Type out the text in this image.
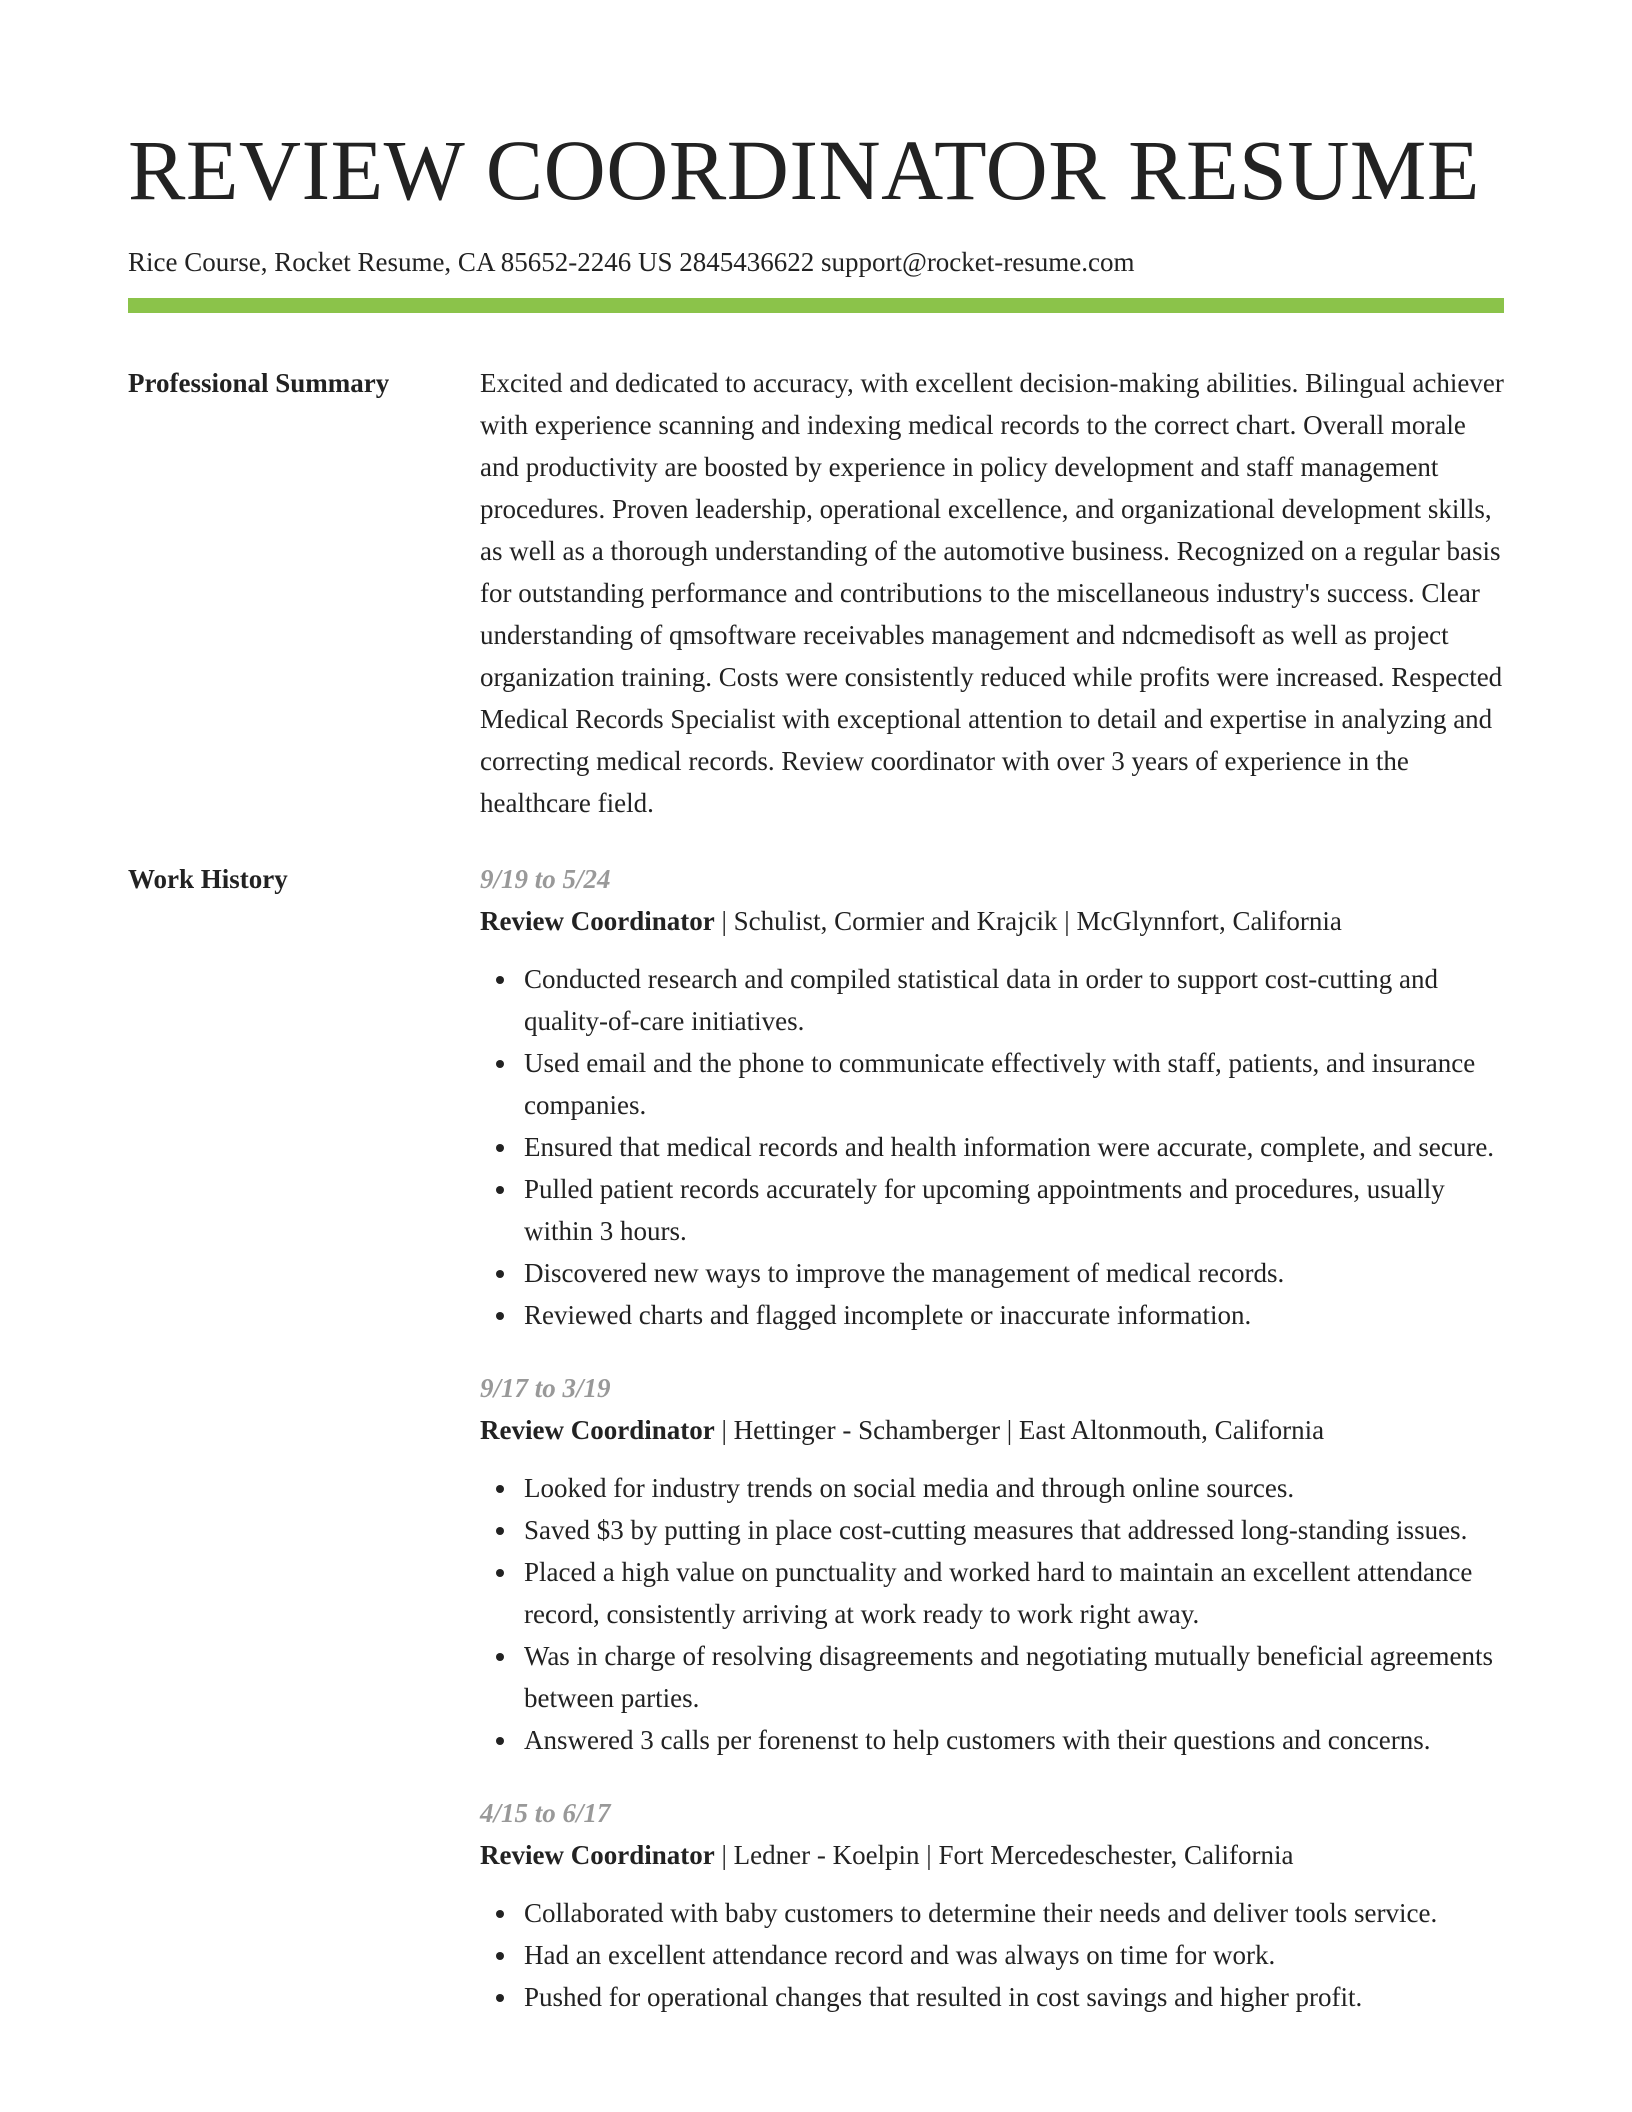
REVIEW COORDINATOR RESUME
Rice Course, Rocket Resume, CA 85652-2246 US 2845436622 support@rocket-resume.com
Professional Summary	Excited and dedicated to accuracy, with excellent decision-making abilities. Bilingual achiever with experience scanning and indexing medical records to the correct chart. Overall morale and productivity are boosted by experience in policy development and staff management procedures. Proven leadership, operational excellence, and organizational development skills, as well as a thorough understanding of the automotive business. Recognized on a regular basis for outstanding performance and contributions to the miscellaneous industry's success. Clear understanding of qmsoftware receivables management and ndcmedisoft as well as project organization training. Costs were consistently reduced while profits were increased. Respected Medical Records Specialist with exceptional attention to detail and expertise in analyzing and correcting medical records. Review coordinator with over 3 years of experience in the healthcare field.
Work History	9/19 to 5/24
Review Coordinator | Schulist, Cormier and Krajcik | McGlynnfort, California
Conducted research and compiled statistical data in order to support cost-cutting and quality-of-care initiatives.
Used email and the phone to communicate effectively with staff, patients, and insurance companies.
Ensured that medical records and health information were accurate, complete, and secure.
Pulled patient records accurately for upcoming appointments and procedures, usually within 3 hours.
Discovered new ways to improve the management of medical records.
Reviewed charts and flagged incomplete or inaccurate information.
9/17 to 3/19
Review Coordinator | Hettinger - Schamberger | East Altonmouth, California
Looked for industry trends on social media and through online sources.
Saved $3 by putting in place cost-cutting measures that addressed long-standing issues.
Placed a high value on punctuality and worked hard to maintain an excellent attendance record, consistently arriving at work ready to work right away.
Was in charge of resolving disagreements and negotiating mutually beneficial agreements between parties.
Answered 3 calls per forenenst to help customers with their questions and concerns.
4/15 to 6/17
Review Coordinator | Ledner - Koelpin | Fort Mercedeschester, California
Collaborated with baby customers to determine their needs and deliver tools service.
Had an excellent attendance record and was always on time for work.
Pushed for operational changes that resulted in cost savings and higher profit.
